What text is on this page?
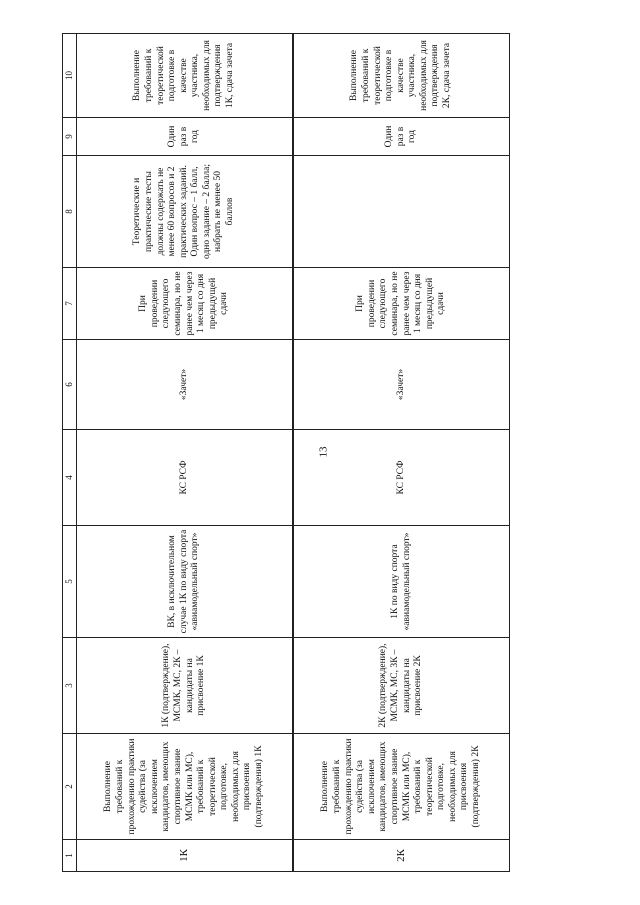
13
1	2	3	5	4	6	7	8	9	10
1К	Выполнение требований к прохождению практики судейства (за исключением кандидатов, имеющих спортивное звание МСМК или МС), требований к теоретической подготовке, необходимых для присвоения (подтверждения) 1К	1К (подтверждение), МСМК, МС, 2К – кандидаты на присвоение 1К	ВК, в исключительном случае 1К по виду спорта «авиамодельный спорт»	КС РСФ	«Зачет»	При проведении следующего семинара, но не ранее чем через 1 месяц со дня предыдущей сдачи	Теоретические и практические тесты должны содержать не менее 60 вопросов и 2 практических заданий. Один вопрос – 1 балл, одно задание – 2 балла; набрать не менее 50 баллов	Один раз в год	Выполнение требований к теоретической подготовке в качестве участника, необходимых для подтверждения 1К, сдача зачета
2К	Выполнение требований к прохождению практики судейства (за исключением кандидатов, имеющих спортивное звание МСМК или МС), требований к теоретической подготовке, необходимых для присвоения (подтверждения) 2К	2К (подтверждение), МСМК, МС, 3К – кандидаты на присвоение 2К	1К по виду спорта «авиамодельный спорт»	КС РСФ	«Зачет»	При проведении следующего семинара, но не ранее чем через 1 месяц со дня предыдущей сдачи		Один раз в год	Выполнение требований к теоретической подготовке в качестве участника, необходимых для подтверждения 2К, сдача зачета
